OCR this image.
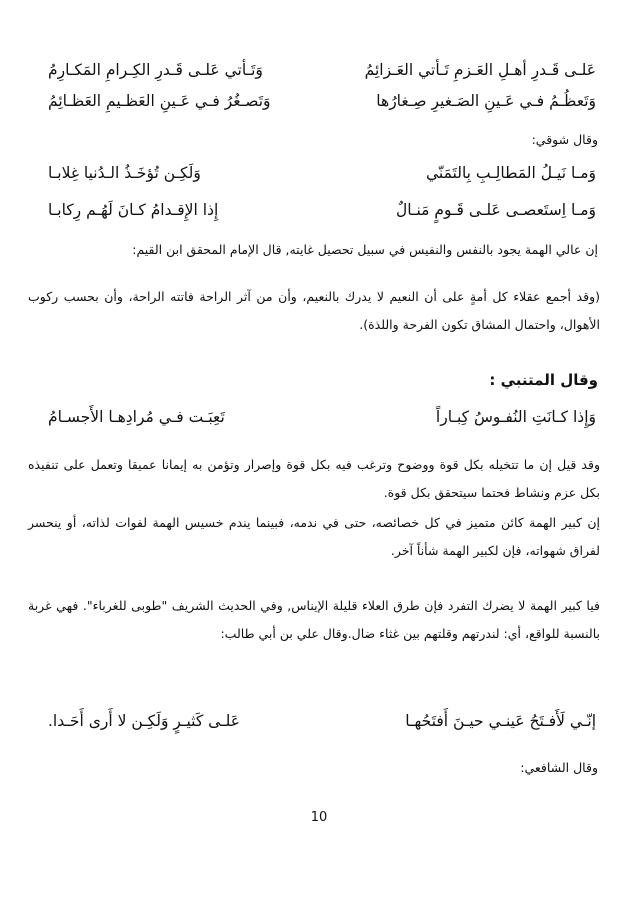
عَلـى قَـدرِ أهـلِ العَـزمِ تَـأتي العَـزائِمُ
وَتَـأتي عَلـى قَـدرِ الكِـرامِ المَكـارِمُ
وَتَعظُـمُ فـي عَـينِ الصَـغيرِ صِـغارُها
وَتَصـغُرُ فـي عَـينِ العَظـيمِ العَظـائِمُ
وقال شوقي:
وَمـا نَيـلُ المَطالِـبِ بِالتَمَنّي
وَلَكِـن تُؤخَـذُ الـدُنيا غِلابـا
وَمـا اِستَعصـى عَلـى قَـومٍ مَنـالٌ
إِذا الإِقـدامُ كـانَ لَهُـم رِكابـا
إن عالي الهمة يجود بالنفس والنفيس في سبيل تحصيل غايته, قال الإمام المحقق ابن القيم:
(وقد أجمع عقلاء كل أمةٍ على أن النعيم لا يدرك بالنعيم، وأن من آثر الراحة فاتته الراحة، وأن بحسب ركوب الأهوال، واحتمال المشاق تكون الفرحة واللذة).
وقال المتنبي :
وَإِذا كـانَتِ النُفـوسُ كِبـاراً
تَعِبَـت فـي مُرادِهـا الأَجسـامُ
وقد قيل إن ما تتخيله بكل قوة ووضوح وترغب فيه بكل قوة وإصرار وتؤمن به إيمانا عميقا وتعمل على تنفيذه بكل عزم ونشاط فحتما سيتحقق بكل قوة.
إن كبير الهمة كائن متميز في كل خصائصه، حتى في ندمه، فبينما يندم خسيس الهمة لفوات لذاته، أو ينحسر لفراق شهواته، فإن لكبير الهمة شأناً آخر.
فيا كبير الهمة لا يضرك التفرد فإن طرق العلاء قليلة الإيناس, وفي الحديث الشريف "طوبى للغرباء". فهي غربة بالنسبة للواقع، أي: لندرتهم وقلتهم بين غثاء ضال.وقال علي بن أبي طالب:
إنّـي لَأَفـتَحُ عَينـي حيـنَ أَفتَحُهـا
عَلـى كَثيـرٍ وَلَكِـن لا أَرى أَحَـدا.
وقال الشافعي:
10
